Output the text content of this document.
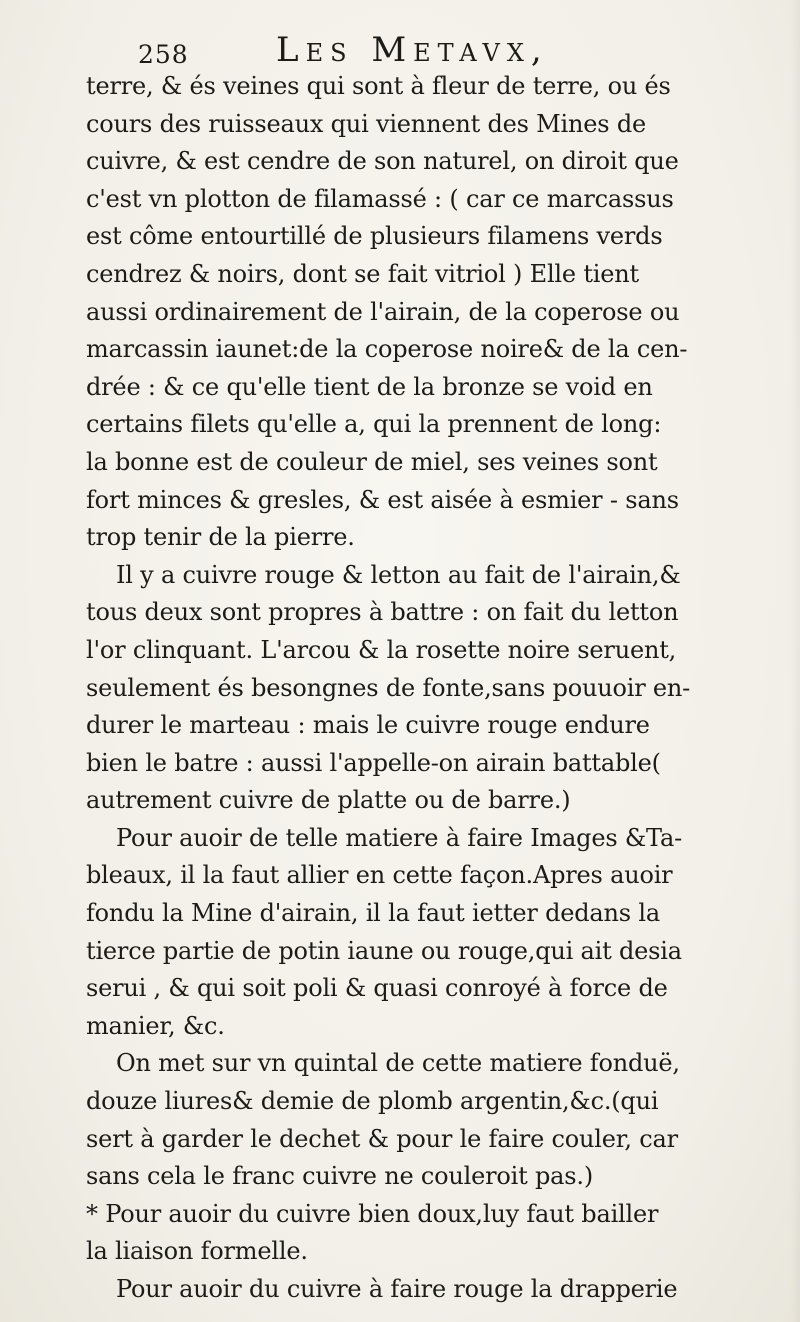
258	Les Metavx,
terre, & és veines qui sont à fleur de terre, ou és
cours des ruisseaux qui viennent des Mines de
cuivre, & est cendre de son naturel, on diroit que
c'est vn plotton de filamassé : ( car ce marcassus
est côme entourtillé de plusieurs filamens verds
cendrez & noirs, dont se fait vitriol ) Elle tient
aussi ordinairement de l'airain, de la coperose ou
marcassin iaunet:de la coperose noire& de la cen-
drée : & ce qu'elle tient de la bronze se void en
certains filets qu'elle a, qui la prennent de long:
la bonne est de couleur de miel, ses veines sont
fort minces & gresles, & est aisée à esmier - sans
trop tenir de la pierre.
Il y a cuivre rouge & letton au fait de l'airain,&
tous deux sont propres à battre : on fait du letton
l'or clinquant. L'arcou & la rosette noire seruent,
seulement és besongnes de fonte,sans pouuoir en-
durer le marteau : mais le cuivre rouge endure
bien le batre : aussi l'appelle-on airain battable(
autrement cuivre de platte ou de barre.)
Pour auoir de telle matiere à faire Images &Ta-
bleaux, il la faut allier en cette façon.Apres auoir
fondu la Mine d'airain, il la faut ietter dedans la
tierce partie de potin iaune ou rouge,qui ait desia
serui , & qui soit poli & quasi conroyé à force de
manier, &c.
On met sur vn quintal de cette matiere fonduë,
douze liures& demie de plomb argentin,&c.(qui
sert à garder le dechet & pour le faire couler, car
sans cela le franc cuivre ne couleroit pas.)
* Pour auoir du cuivre bien doux,luy faut bailler
la liaison formelle.
Pour auoir du cuivre à faire rouge la drapperie
